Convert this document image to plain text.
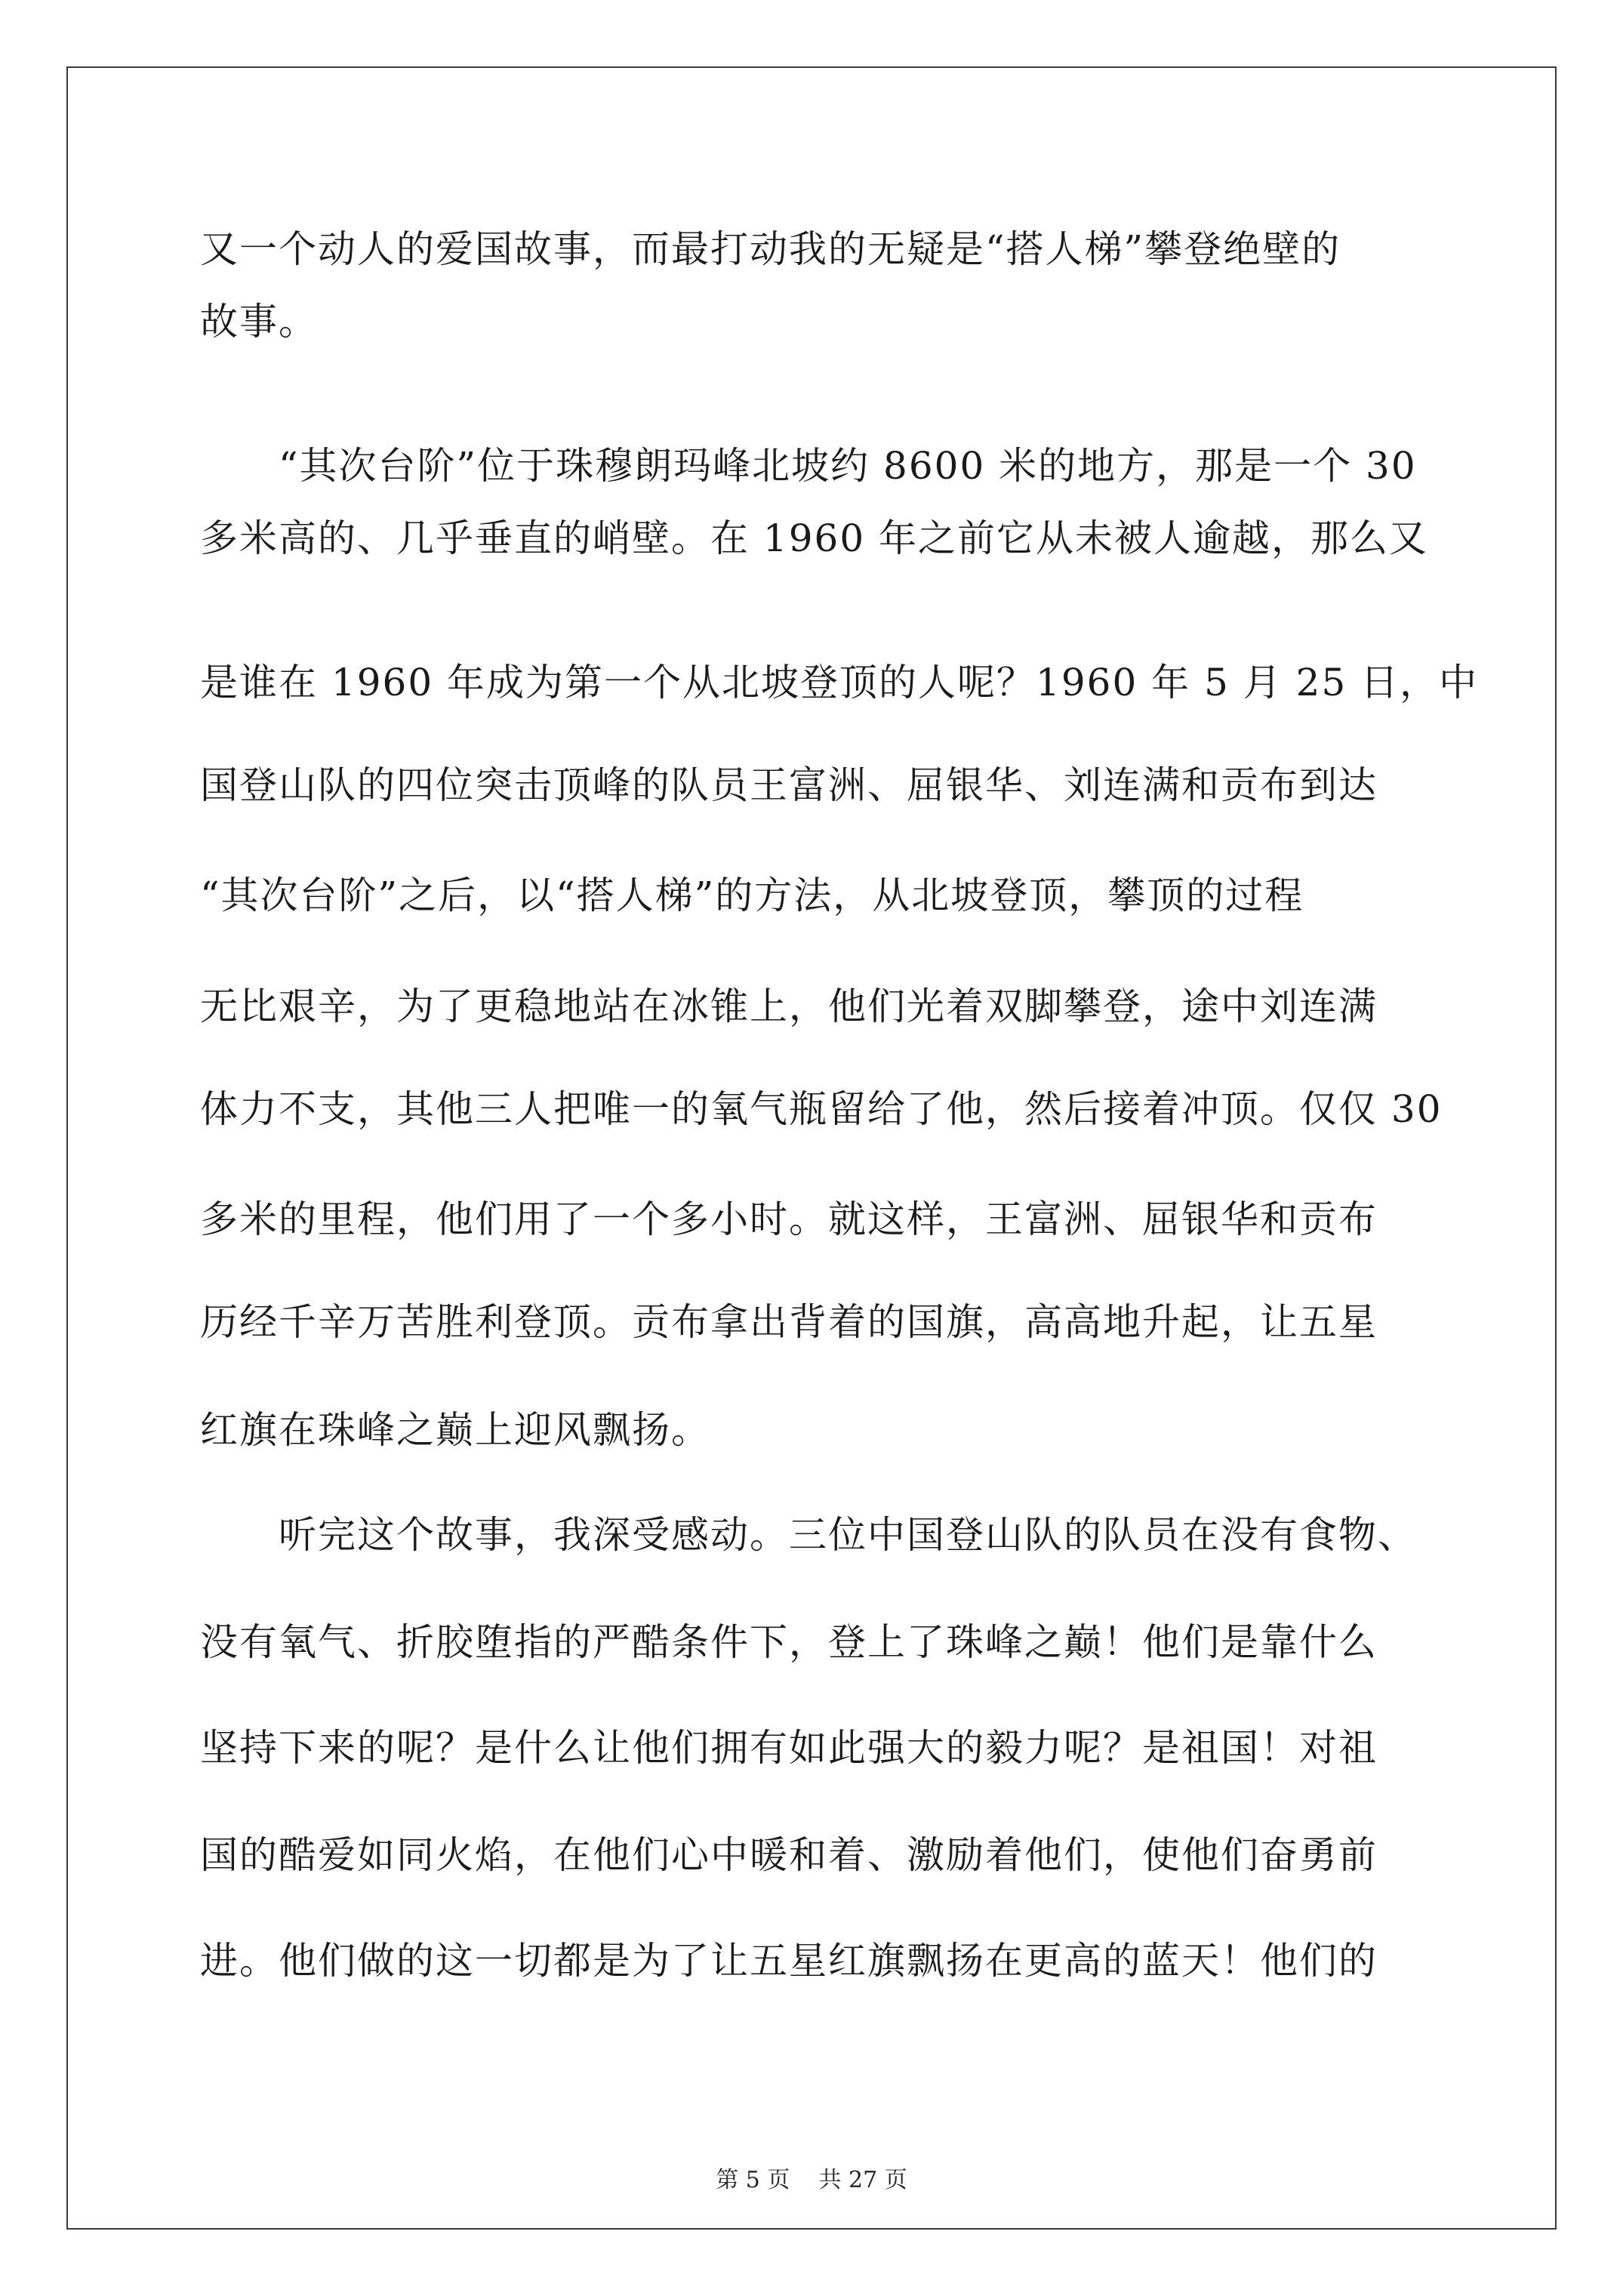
又一个动人的爱国故事，而最打动我的无疑是“搭人梯”攀登绝壁的
故事。
　　“其次台阶”位于珠穆朗玛峰北坡约 8600 米的地方，那是一个 30
多米高的、几乎垂直的峭壁。在 1960 年之前它从未被人逾越，那么又
是谁在 1960 年成为第一个从北坡登顶的人呢？1960 年 5 月 25 日，中
国登山队的四位突击顶峰的队员王富洲、屈银华、刘连满和贡布到达
“其次台阶”之后，以“搭人梯”的方法，从北坡登顶，攀顶的过程
无比艰辛，为了更稳地站在冰锥上，他们光着双脚攀登，途中刘连满
体力不支，其他三人把唯一的氧气瓶留给了他，然后接着冲顶。仅仅 30
多米的里程，他们用了一个多小时。就这样，王富洲、屈银华和贡布
历经千辛万苦胜利登顶。贡布拿出背着的国旗，高高地升起，让五星
红旗在珠峰之巅上迎风飘扬。
　　听完这个故事，我深受感动。三位中国登山队的队员在没有食物、
没有氧气、折胶堕指的严酷条件下，登上了珠峰之巅！他们是靠什么
坚持下来的呢？是什么让他们拥有如此强大的毅力呢？是祖国！对祖
国的酷爱如同火焰，在他们心中暖和着、激励着他们，使他们奋勇前
进。他们做的这一切都是为了让五星红旗飘扬在更高的蓝天！他们的
第 5 页    共 27 页
